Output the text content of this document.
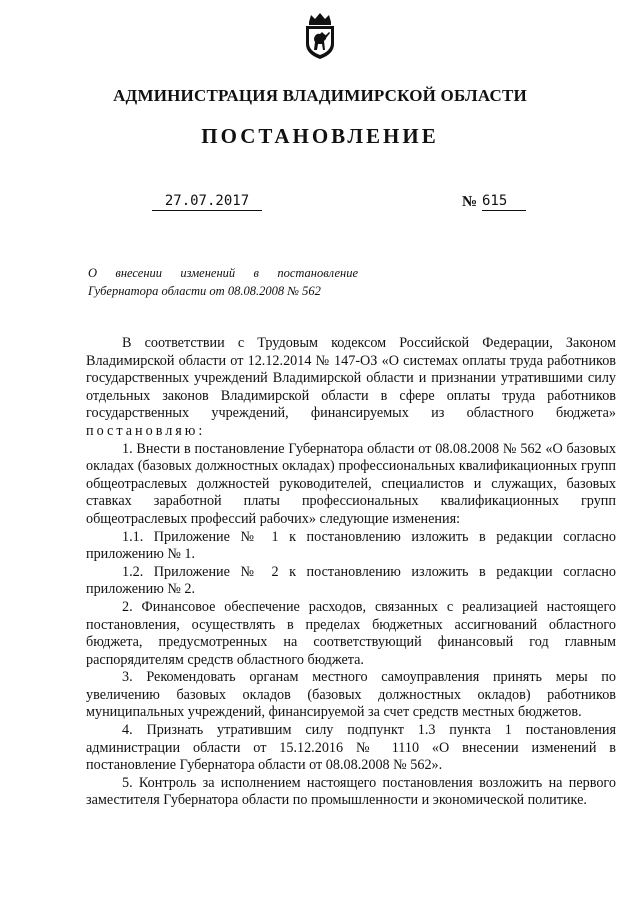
АДМИНИСТРАЦИЯ ВЛАДИМИРСКОЙ ОБЛАСТИ
ПОСТАНОВЛЕНИЕ
27.07.2017	№ 615
О внесении изменений в постановление
Губернатора области от 08.08.2008 № 562

В соответствии с Трудовым кодексом Российской Федерации, Законом Владимирской области от 12.12.2014 № 147-ОЗ «О системах оплаты труда работников государственных учреждений Владимирской области и признании утратившими силу отдельных законов Владимирской области в сфере оплаты труда работников государственных учреждений, финансируемых из областного бюджета» постановляю:

1. Внести в постановление Губернатора области от 08.08.2008 № 562 «О базовых окладах (базовых должностных окладах) профессиональных квалификационных групп общеотраслевых должностей руководителей, специалистов и служащих, базовых ставках заработной платы профессиональных квалификационных групп общеотраслевых профессий рабочих» следующие изменения:

1.1. Приложение № 1 к постановлению изложить в редакции согласно приложению № 1.

1.2. Приложение № 2 к постановлению изложить в редакции согласно приложению № 2.

2. Финансовое обеспечение расходов, связанных с реализацией настоящего постановления, осуществлять в пределах бюджетных ассигнований областного бюджета, предусмотренных на соответствующий финансовый год главным распорядителям средств областного бюджета.

3. Рекомендовать органам местного самоуправления принять меры по увеличению базовых окладов (базовых должностных окладов) работников муниципальных учреждений, финансируемой за счет средств местных бюджетов.

4. Признать утратившим силу подпункт 1.3 пункта 1 постановления администрации области от 15.12.2016 № 1110 «О внесении изменений в постановление Губернатора области от 08.08.2008 № 562».

5. Контроль за исполнением настоящего постановления возложить на первого заместителя Губернатора области по промышленности и экономической политике.
